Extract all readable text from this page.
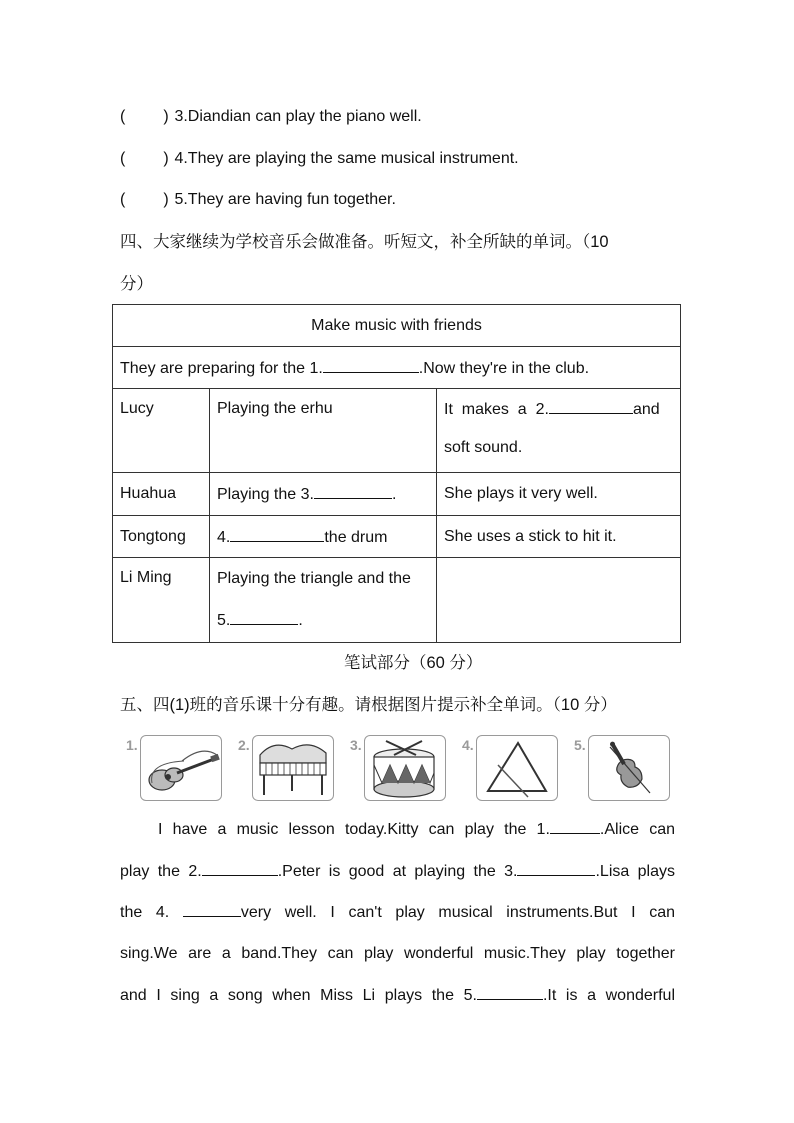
( ) 3.Diandian can play the piano well.
( ) 4.They are playing the same musical instrument.
( ) 5.They are having fun together.
四、大家继续为学校音乐会做准备。听短文，补全所缺的单词。（10
分）
Make music with friends		
They are preparing for the 1. .Now they're in the club.		
Lucy	Playing the erhu	It  makes  a  2. and
soft sound.

Huahua	Playing the 3. .	She plays it very well.
Tongtong	4. the drum	She uses a stick to hit it.
Li Ming	Playing the triangle and the
5. .	

笔试部分（60 分）
五、四(1)班的音乐课十分有趣。请根据图片提示补全单词。（10 分）
1.	2.	3.	4.	5.
I have a music lesson today.Kitty can play the 1.	.Alice can
play the 2.	.Peter is good at playing the 3.	.Lisa plays
the 4.	very well. I can't play musical instruments.But I can
sing.We are a band.They can play wonderful music.They play together
and I sing a song when Miss Li plays the 5.	.It is a wonderful
